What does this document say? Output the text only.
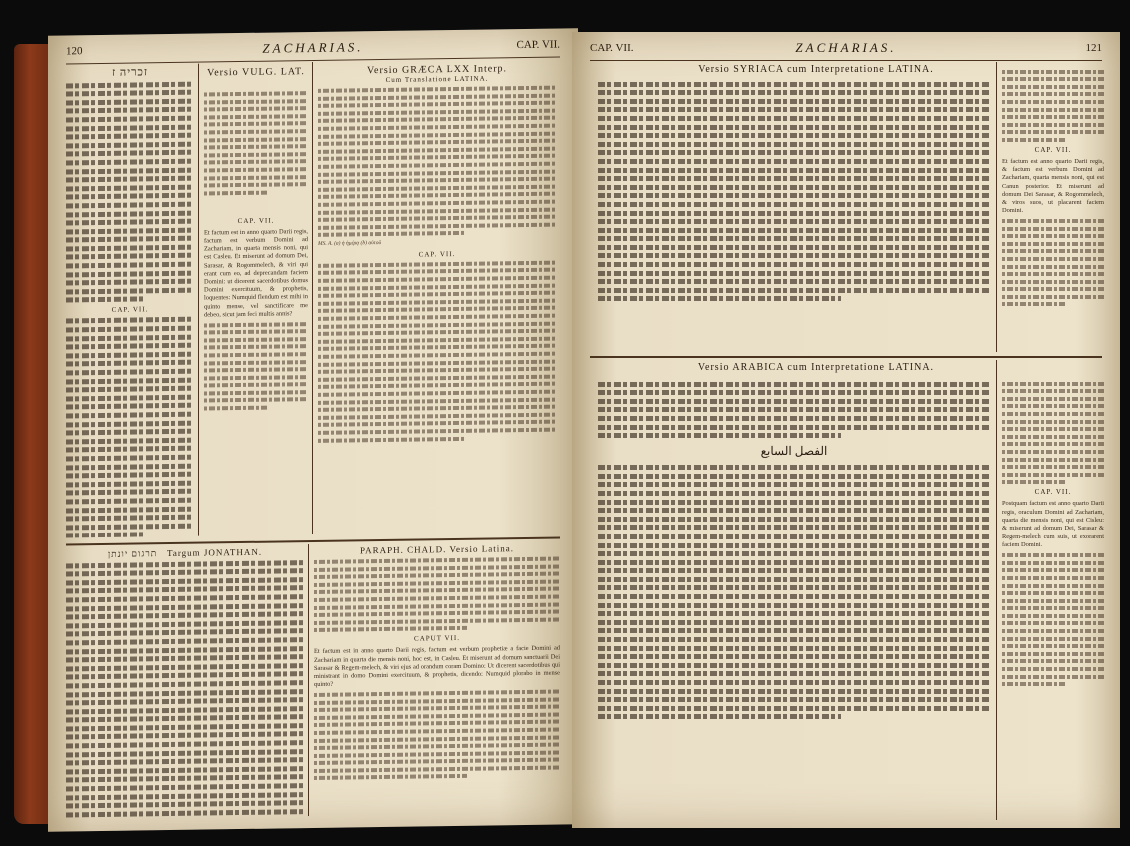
120	ZACHARIAS.	CAP. VII.
זכריה ז
CAP. VII.
Versio VULG. LAT.
CAP. VII.
Et factum est in anno quarto Darii regis, factum est verbum Domini ad Zachariam, in quarta mensis noni, qui est Casleu. Et miserunt ad domum Dei, Sarasar, & Rogommelech, & viri qui erant cum eo, ad deprecandam faciem Domini: ut dicerent sacerdotibus domus Domini exercituum, & prophetis, loquentes: Numquid flendum est mihi in quinto mense, vel sanctificare me debeo, sicut jam feci multis annis?
Versio GRÆCA LXX Interp.
Cum Translatione LATINA.
MS. A. (a) ἡ ἡμέρᾳ (b) αὐτοῦ
CAP. VII.
תרגום יונתן Targum JONATHAN.	PARAPH. CHALD. Versio Latina.
CAPUT VII.
Et factum est in anno quarto Darii regis, factum est verbum prophetiæ a facie Domini ad Zachariam in quarta die mensis noni, hoc est, in Casleu. Et miserunt ad domum sanctuarii Dei Sarasar & Regem-melech, & viri ejus ad orandum coram Domino: Ut dicerent sacerdotibus qui ministrant in domo Domini exercituum, & prophetis, dicendo: Numquid plorabo in mense quinto?
CAP. VII.	ZACHARIAS.	121
Versio SYRIACA cum Interpretatione LATINA.
CAP. VII.
Et factum est anno quarto Darii regis, & factum est verbum Domini ad Zachariam, quarta mensis noni, qui est Canun posterior. Et miserunt ad domum Dei Sarasar, & Rogommelech, & viros suos, ut placarent faciem Domini.
Versio ARABICA cum Interpretatione LATINA.
الفصل السابع
CAP. VII.
Postquam factum est anno quarto Darii regis, oraculum Domini ad Zachariam, quarta die mensis noni, qui est Cisleu: & miserunt ad domum Dei, Sarasar & Regem-melech cum suis, ut exorarent faciem Domini.
